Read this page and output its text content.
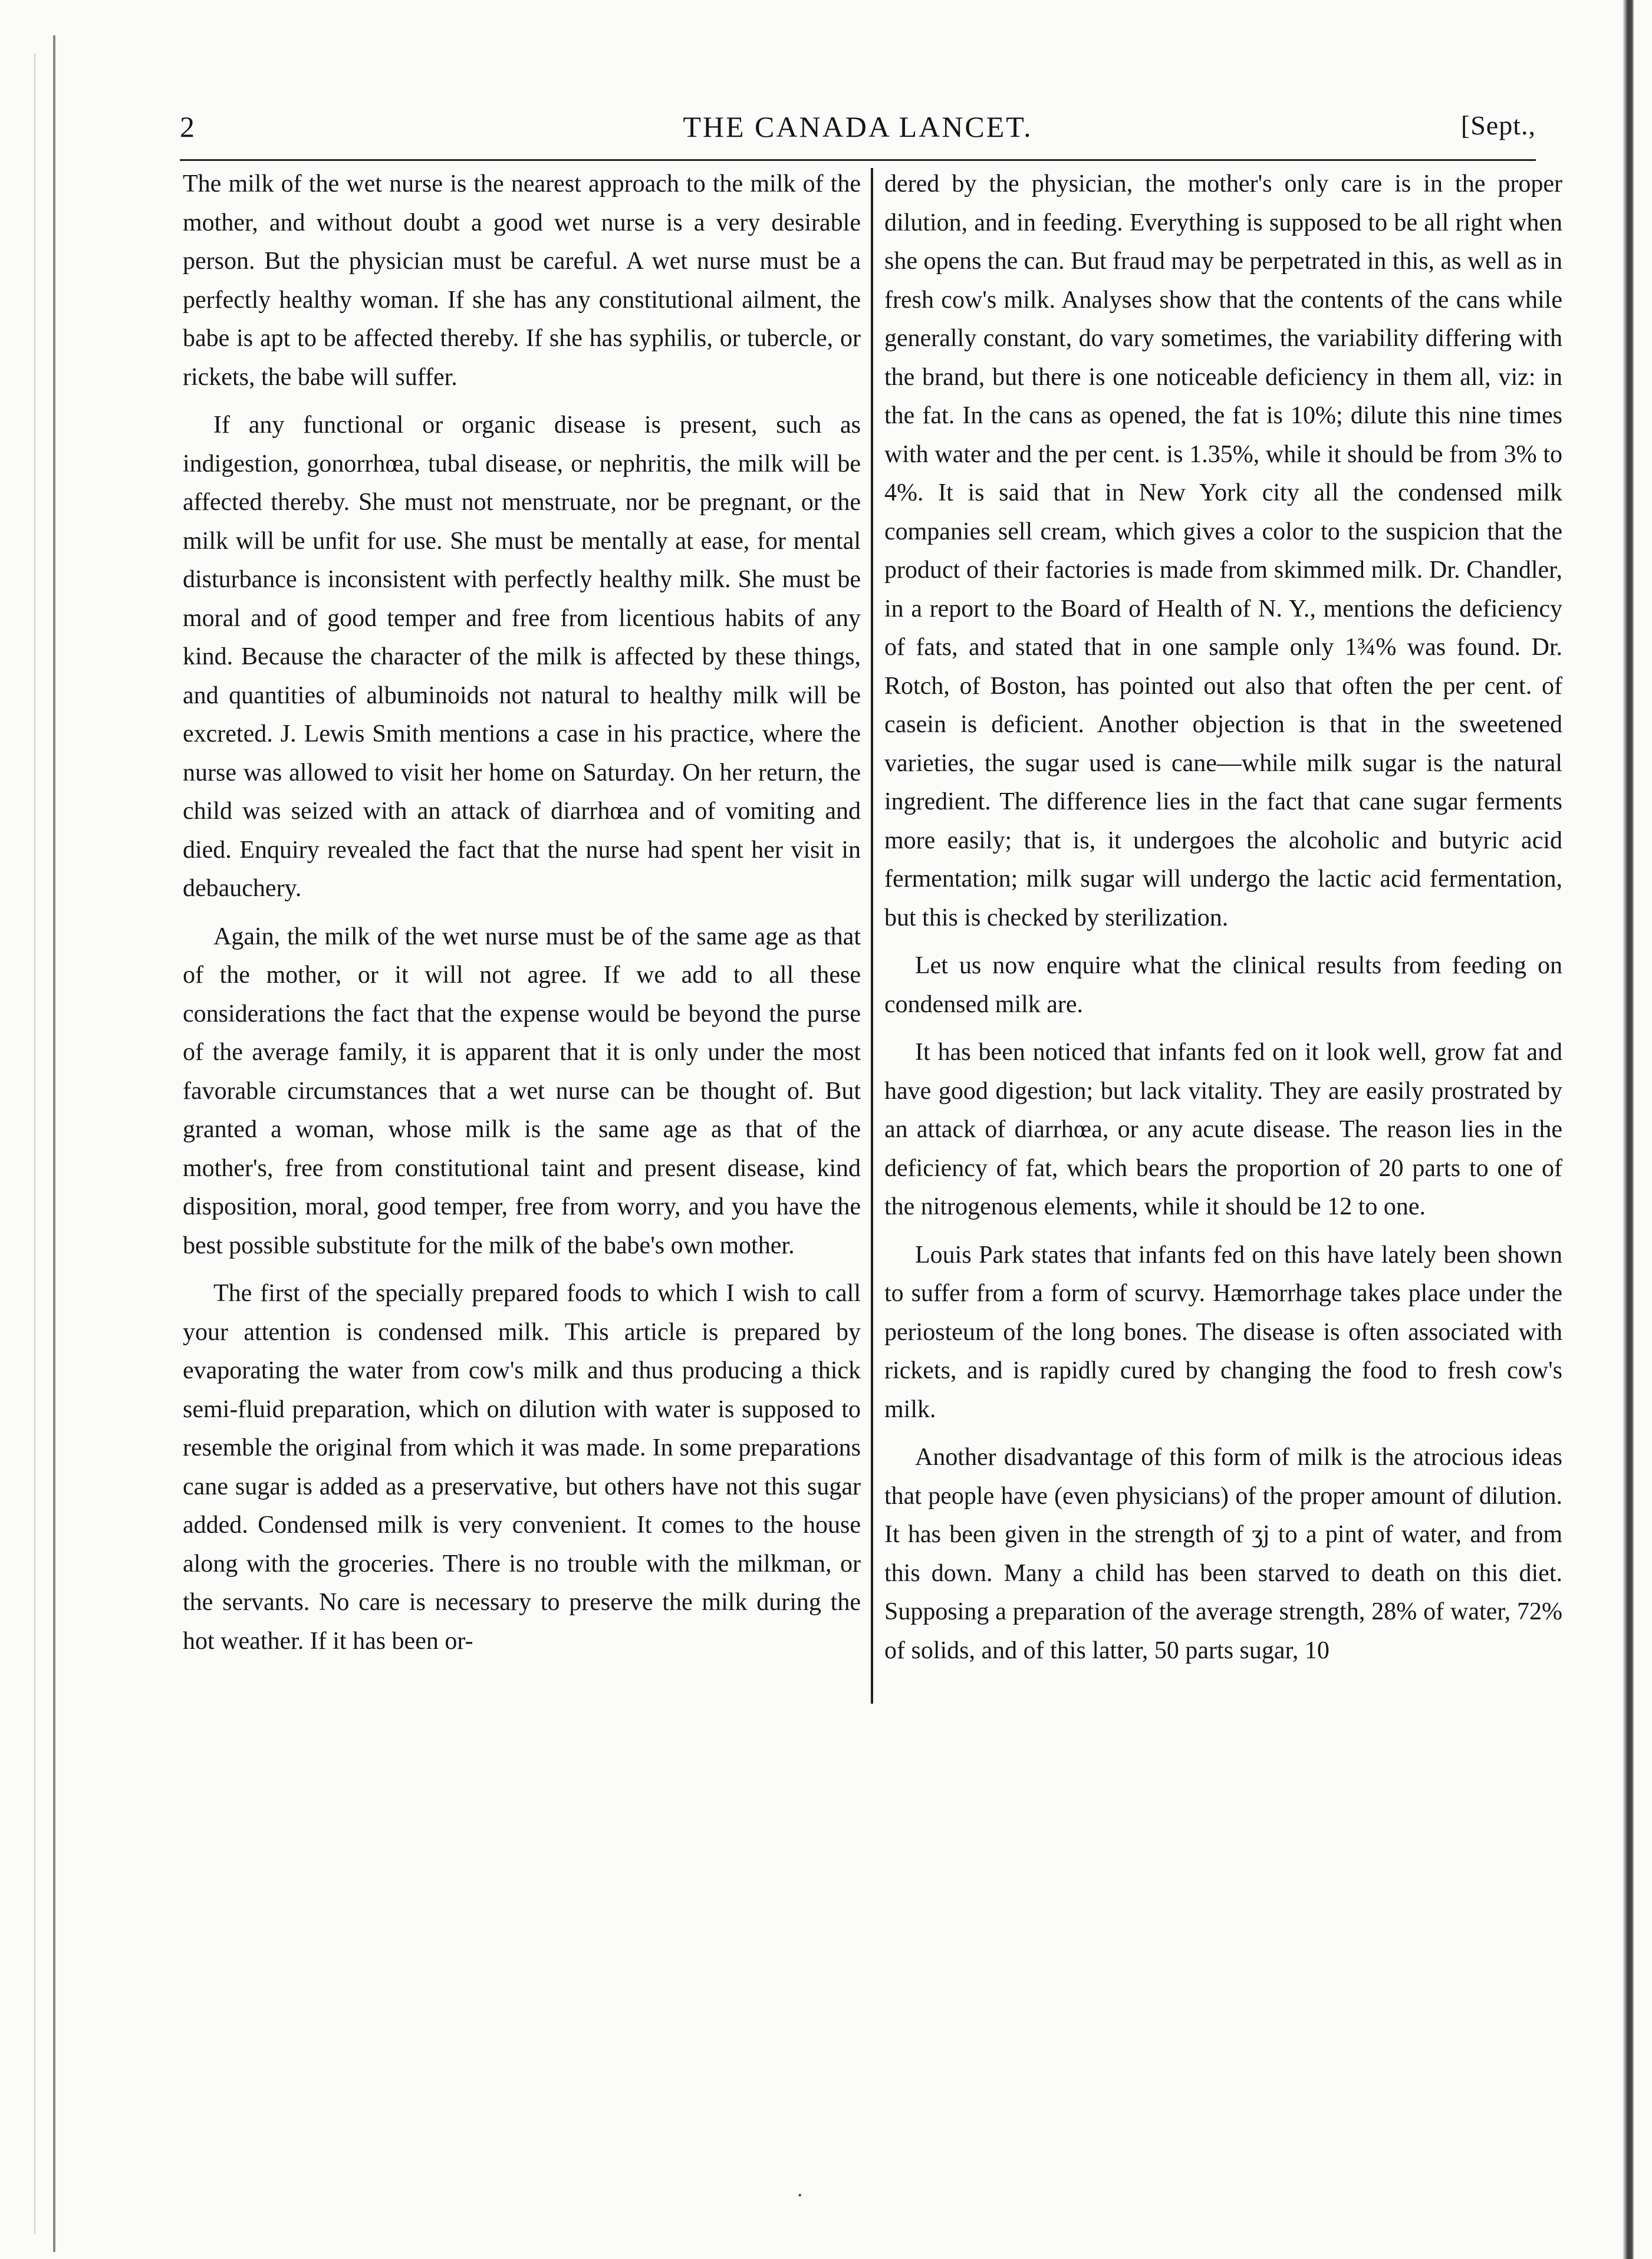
2	THE CANADA LANCET.	[Sept.,

The milk of the wet nurse is the nearest approach to the milk of the mother, and without doubt a good wet nurse is a very desirable person. But the physician must be careful. A wet nurse must be a perfectly healthy woman. If she has any constitutional ailment, the babe is apt to be affected thereby. If she has syphilis, or tubercle, or rickets, the babe will suffer.

If any functional or organic disease is present, such as indigestion, gonorrhœa, tubal disease, or nephritis, the milk will be affected thereby. She must not menstruate, nor be pregnant, or the milk will be unfit for use. She must be mentally at ease, for mental disturbance is inconsistent with perfectly healthy milk. She must be moral and of good temper and free from licentious habits of any kind. Because the character of the milk is affected by these things, and quantities of albuminoids not natural to healthy milk will be excreted. J. Lewis Smith mentions a case in his practice, where the nurse was allowed to visit her home on Saturday. On her return, the child was seized with an attack of diarrhœa and of vomiting and died. Enquiry revealed the fact that the nurse had spent her visit in debauchery.

Again, the milk of the wet nurse must be of the same age as that of the mother, or it will not agree. If we add to all these considerations the fact that the expense would be beyond the purse of the average family, it is apparent that it is only under the most favorable circumstances that a wet nurse can be thought of. But granted a woman, whose milk is the same age as that of the mother's, free from constitutional taint and present disease, kind disposition, moral, good temper, free from worry, and you have the best possible substitute for the milk of the babe's own mother.

The first of the specially prepared foods to which I wish to call your attention is condensed milk. This article is prepared by evaporating the water from cow's milk and thus producing a thick semi-fluid preparation, which on dilution with water is supposed to resemble the original from which it was made. In some preparations cane sugar is added as a preservative, but others have not this sugar added. Condensed milk is very convenient. It comes to the house along with the groceries. There is no trouble with the milkman, or the servants. No care is necessary to preserve the milk during the hot weather. If it has been or-

dered by the physician, the mother's only care is in the proper dilution, and in feeding. Everything is supposed to be all right when she opens the can. But fraud may be perpetrated in this, as well as in fresh cow's milk. Analyses show that the contents of the cans while generally constant, do vary sometimes, the variability differing with the brand, but there is one noticeable deficiency in them all, viz: in the fat. In the cans as opened, the fat is 10%; dilute this nine times with water and the per cent. is 1.35%, while it should be from 3% to 4%. It is said that in New York city all the condensed milk companies sell cream, which gives a color to the suspicion that the product of their factories is made from skimmed milk. Dr. Chandler, in a report to the Board of Health of N. Y., mentions the deficiency of fats, and stated that in one sample only 1¾% was found. Dr. Rotch, of Boston, has pointed out also that often the per cent. of casein is deficient. Another objection is that in the sweetened varieties, the sugar used is cane—while milk sugar is the natural ingredient. The difference lies in the fact that cane sugar ferments more easily; that is, it undergoes the alcoholic and butyric acid fermentation; milk sugar will undergo the lactic acid fermentation, but this is checked by sterilization.

Let us now enquire what the clinical results from feeding on condensed milk are.

It has been noticed that infants fed on it look well, grow fat and have good digestion; but lack vitality. They are easily prostrated by an attack of diarrhœa, or any acute disease. The reason lies in the deficiency of fat, which bears the proportion of 20 parts to one of the nitrogenous elements, while it should be 12 to one.

Louis Park states that infants fed on this have lately been shown to suffer from a form of scurvy. Hæmorrhage takes place under the periosteum of the long bones. The disease is often associated with rickets, and is rapidly cured by changing the food to fresh cow's milk.

Another disadvantage of this form of milk is the atrocious ideas that people have (even physicians) of the proper amount of dilution. It has been given in the strength of ʒj to a pint of water, and from this down. Many a child has been starved to death on this diet. Supposing a preparation of the average strength, 28% of water, 72% of solids, and of this latter, 50 parts sugar, 10

·
